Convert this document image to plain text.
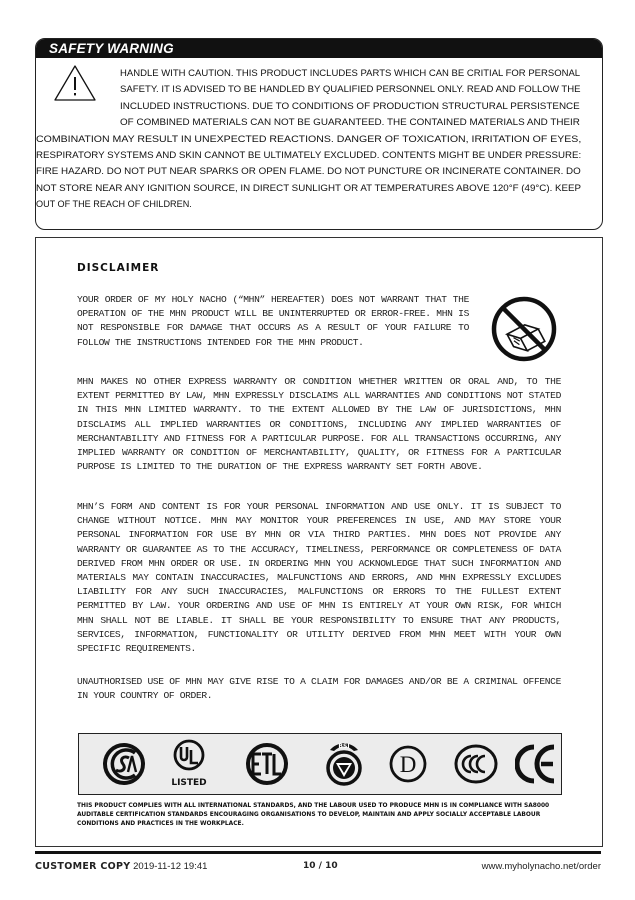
SAFETY WARNING
HANDLE WITH CAUTION. THIS PRODUCT INCLUDES PARTS WHICH CAN BE CRITIAL FOR PERSONAL
SAFETY. IT IS ADVISED TO BE HANDLED BY QUALIFIED PERSONNEL ONLY. READ AND FOLLOW THE
INCLUDED INSTRUCTIONS. DUE TO CONDITIONS OF PRODUCTION STRUCTURAL PERSISTENCE
OF COMBINED MATERIALS CAN NOT BE GUARANTEED. THE CONTAINED MATERIALS AND THEIR
COMBINATION MAY RESULT IN UNEXPECTED REACTIONS. DANGER OF TOXICATION, IRRITATION OF EYES,
RESPIRATORY SYSTEMS AND SKIN CANNOT BE ULTIMATELY EXCLUDED. CONTENTS MIGHT BE UNDER PRESSURE:
FIRE HAZARD. DO NOT PUT NEAR SPARKS OR OPEN FLAME. DO NOT PUNCTURE OR INCINERATE CONTAINER. DO
NOT STORE NEAR ANY IGNITION SOURCE, IN DIRECT SUNLIGHT OR AT TEMPERATURES ABOVE 120°F (49°C). KEEP
OUT OF THE REACH OF CHILDREN.
DISCLAIMER
YOUR ORDER OF MY HOLY NACHO (“MHN” HEREAFTER) DOES NOT WARRANT THAT THE OPERATION OF THE MHN PRODUCT WILL BE UNINTERRUPTED OR ERROR-FREE. MHN IS NOT RESPONSIBLE FOR DAMAGE THAT OCCURS AS A RESULT OF YOUR FAILURE TO FOLLOW THE INSTRUCTIONS INTENDED FOR THE MHN PRODUCT.
MHN MAKES NO OTHER EXPRESS WARRANTY OR CONDITION WHETHER WRITTEN OR ORAL AND, TO THE EXTENT PERMITTED BY LAW, MHN EXPRESSLY DISCLAIMS ALL WARRANTIES AND CONDITIONS NOT STATED IN THIS MHN LIMITED WARRANTY. TO THE EXTENT ALLOWED BY THE LAW OF JURISDICTIONS, MHN DISCLAIMS ALL IMPLIED WARRANTIES OR CONDITIONS, INCLUDING ANY IMPLIED WARRANTIES OF MERCHANTABILITY AND FITNESS FOR A PARTICULAR PURPOSE. FOR ALL TRANSACTIONS OCCURRING, ANY IMPLIED WARRANTY OR CONDITION OF MERCHANTABILITY, QUALITY, OR FITNESS FOR A PARTICULAR PURPOSE IS LIMITED TO THE DURATION OF THE EXPRESS WARRANTY SET FORTH ABOVE.
MHN’S FORM AND CONTENT IS FOR YOUR PERSONAL INFORMATION AND USE ONLY. IT IS SUBJECT TO CHANGE WITHOUT NOTICE. MHN MAY MONITOR YOUR PREFERENCES IN USE, AND MAY STORE YOUR PERSONAL INFORMATION FOR USE BY MHN OR VIA THIRD PARTIES. MHN DOES NOT PROVIDE ANY WARRANTY OR GUARANTEE AS TO THE ACCURACY, TIMELINESS, PERFORMANCE OR COMPLETENESS OF DATA DERIVED FROM MHN ORDER OR USE. IN ORDERING MHN YOU ACKNOWLEDGE THAT SUCH INFORMATION AND MATERIALS MAY CONTAIN INACCURACIES, MALFUNCTIONS AND ERRORS, AND MHN EXPRESSLY EXCLUDES LIABILITY FOR ANY SUCH INACCURACIES, MALFUNCTIONS OR ERRORS TO THE FULLEST EXTENT PERMITTED BY LAW. YOUR ORDERING AND USE OF MHN IS ENTIRELY AT YOUR OWN RISK, FOR WHICH MHN SHALL NOT BE LIABLE. IT SHALL BE YOUR RESPONSIBILITY TO ENSURE THAT ANY PRODUCTS, SERVICES, INFORMATION, FUNCTIONALITY OR UTILITY DERIVED FROM MHN MEET WITH YOUR OWN SPECIFIC REQUIREMENTS.
UNAUTHORISED USE OF MHN MAY GIVE RISE TO A CLAIM FOR DAMAGES AND/OR BE A CRIMINAL OFFENCE IN YOUR COUNTRY OF ORDER.
LISTED
BSI
D
THIS PRODUCT COMPLIES WITH ALL INTERNATIONAL STANDARDS, AND THE LABOUR USED TO PRODUCE MHN IS IN COMPLIANCE WITH SA8000 AUDITABLE CERTIFICATION STANDARDS ENCOURAGING ORGANISATIONS TO DEVELOP, MAINTAIN AND APPLY SOCIALLY ACCEPTABLE LABOUR CONDITIONS AND PRACTICES IN THE WORKPLACE.
CUSTOMER COPY 2019-11-12 19:41	10 / 10	www.myholynacho.net/order
